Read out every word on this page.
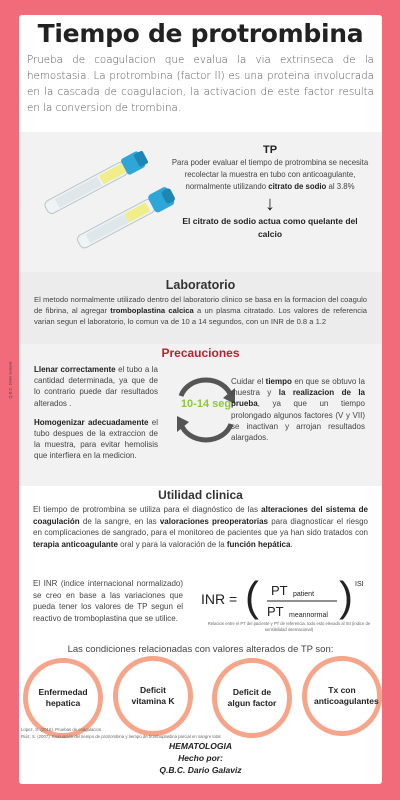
Q.B.C. Dario Galaviz
Tiempo de protrombina

Prueba de coagulacion que evalua la via extrinseca de la hemostasia. La protrombina (factor II) es una proteina involucrada en la cascada de coagulacion, la activacion de este factor resulta en la conversion de trombina.

TP
Para poder evaluar el tiempo de protrombina se necesita recolectar la muestra en tubo con anticoagulante, normalmente utilizando citrato de sodio al 3.8%
↓
El citrato de sodio actua como quelante del calcio
Laboratorio

El metodo normalmente utilizado dentro del laboratorio clinico se basa en la formacion del coagulo de fibrina, al agregar tromboplastina calcica a un plasma citratado. Los valores de referencia varian segun el laboratorio, lo comun va de 10 a 14 segundos, con un INR de 0.8 a 1.2

Precauciones

Llenar correctamente el tubo a la cantidad determinada, ya que de lo contrario puede dar resultados alterados .

Homogenizar adecuadamente el tubo despues de la extraccion de la muestra, para evitar hemolisis que interfiera en la medicion.

10-14 seg

Cuidar el tiempo en que se obtuvo la muestra y la realizacion de la prueba, ya que un tiempo prolongado algunos factores (V y VII) se inactivan y arrojan resultados alargados.

Utilidad clinica

El tiempo de protrombina se utiliza para el diagnóstico de las alteraciones del sistema de coagulación de la sangre, en las valoraciones preoperatorias para diagnosticar el riesgo en complicaciones de sangrado, para el monitoreo de pacientes que ya han sido tratados con terapia anticoagulante oral y para la valoración de la función hepática.

El INR (indice internacional normalizado) se creo en base a las variaciones que pueda tener los valores de TP segun el reactivo de tromboplastina que se utilice.

INR = ( PT patient
PT meannormal ) ISI
Relacion entre el PT del paciente y PT de referencia, todo esto elevado al ISI (indice de sensibilidad internacional)
Las condiciones relacionadas con valores alterados de TP son:
Enfermedad hepatica
Deficit vitamina K
Deficit de algun factor
Tx con anticoagulantes
Lopez, S. (2016). Pruebas de coagulacion.
Ruiz, S. (2007). Evaluación del tiempo de protrombina y tiempo de tromboplastina parcial en sangre total.
HEMATOLOGIA
Hecho por:
Q.B.C. Dario Galaviz
